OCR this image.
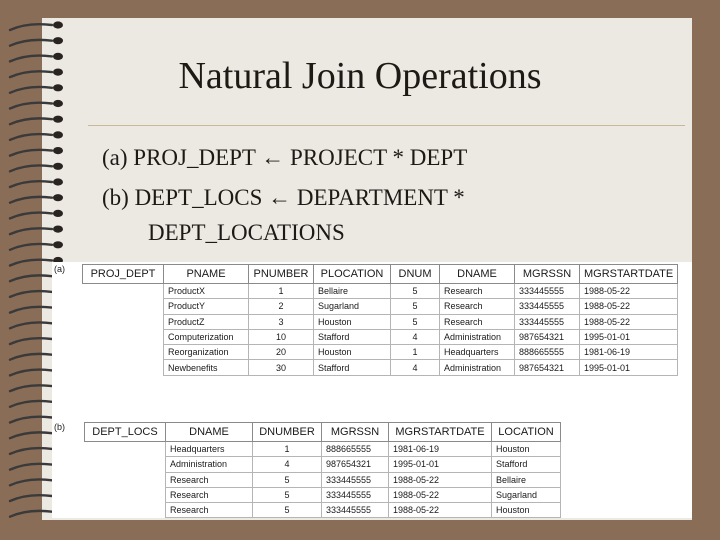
Natural Join Operations
(a) PROJ_DEPT ← PROJECT * DEPT
(b) DEPT_LOCS ← DEPARTMENT *
DEPT_LOCATIONS
(a) PROJ_DEPT	PNAME	PNUMBER	PLOCATION	DNUM	DNAME	MGRSSN	MGRSTARTDATE
	ProductX	1	Bellaire	5	Research	333445555	1988-05-22
	ProductY	2	Sugarland	5	Research	333445555	1988-05-22
	ProductZ	3	Houston	5	Research	333445555	1988-05-22
	Computerization	10	Stafford	4	Administration	987654321	1995-01-01
	Reorganization	20	Houston	1	Headquarters	888665555	1981-06-19
	Newbenefits	30	Stafford	4	Administration	987654321	1995-01-01
(b) DEPT_LOCS	DNAME	DNUMBER	MGRSSN	MGRSTARTDATE	LOCATION
	Headquarters	1	888665555	1981-06-19	Houston
	Administration	4	987654321	1995-01-01	Stafford
	Research	5	333445555	1988-05-22	Bellaire
	Research	5	333445555	1988-05-22	Sugarland
	Research	5	333445555	1988-05-22	Houston
